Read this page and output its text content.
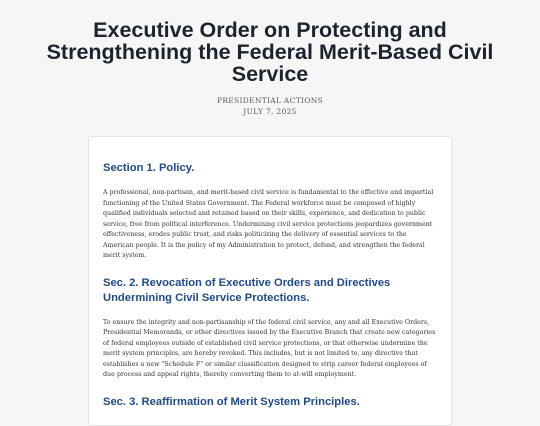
Executive Order on Protecting and Strengthening the Federal Merit-Based Civil Service
PRESIDENTIAL ACTIONS
JULY 7, 2025
Section 1. Policy.

A professional, non-partisan, and merit-based civil service is fundamental to the effective and impartial functioning of the United States Government. The Federal workforce must be composed of highly qualified individuals selected and retained based on their skills, experience, and dedication to public service, free from political interference. Undermining civil service protections jeopardizes government effectiveness, erodes public trust, and risks politicizing the delivery of essential services to the American people. It is the policy of my Administration to protect, defend, and strengthen the federal merit system.

Sec. 2. Revocation of Executive Orders and Directives Undermining Civil Service Protections.

To ensure the integrity and non-partisanship of the federal civil service, any and all Executive Orders, Presidential Memoranda, or other directives issued by the Executive Branch that create new categories of federal employees outside of established civil service protections, or that otherwise undermine the merit system principles, are hereby revoked. This includes, but is not limited to, any directive that establishes a new "Schedule F" or similar classification designed to strip career federal employees of due process and appeal rights, thereby converting them to at-will employment.

Sec. 3. Reaffirmation of Merit System Principles.
